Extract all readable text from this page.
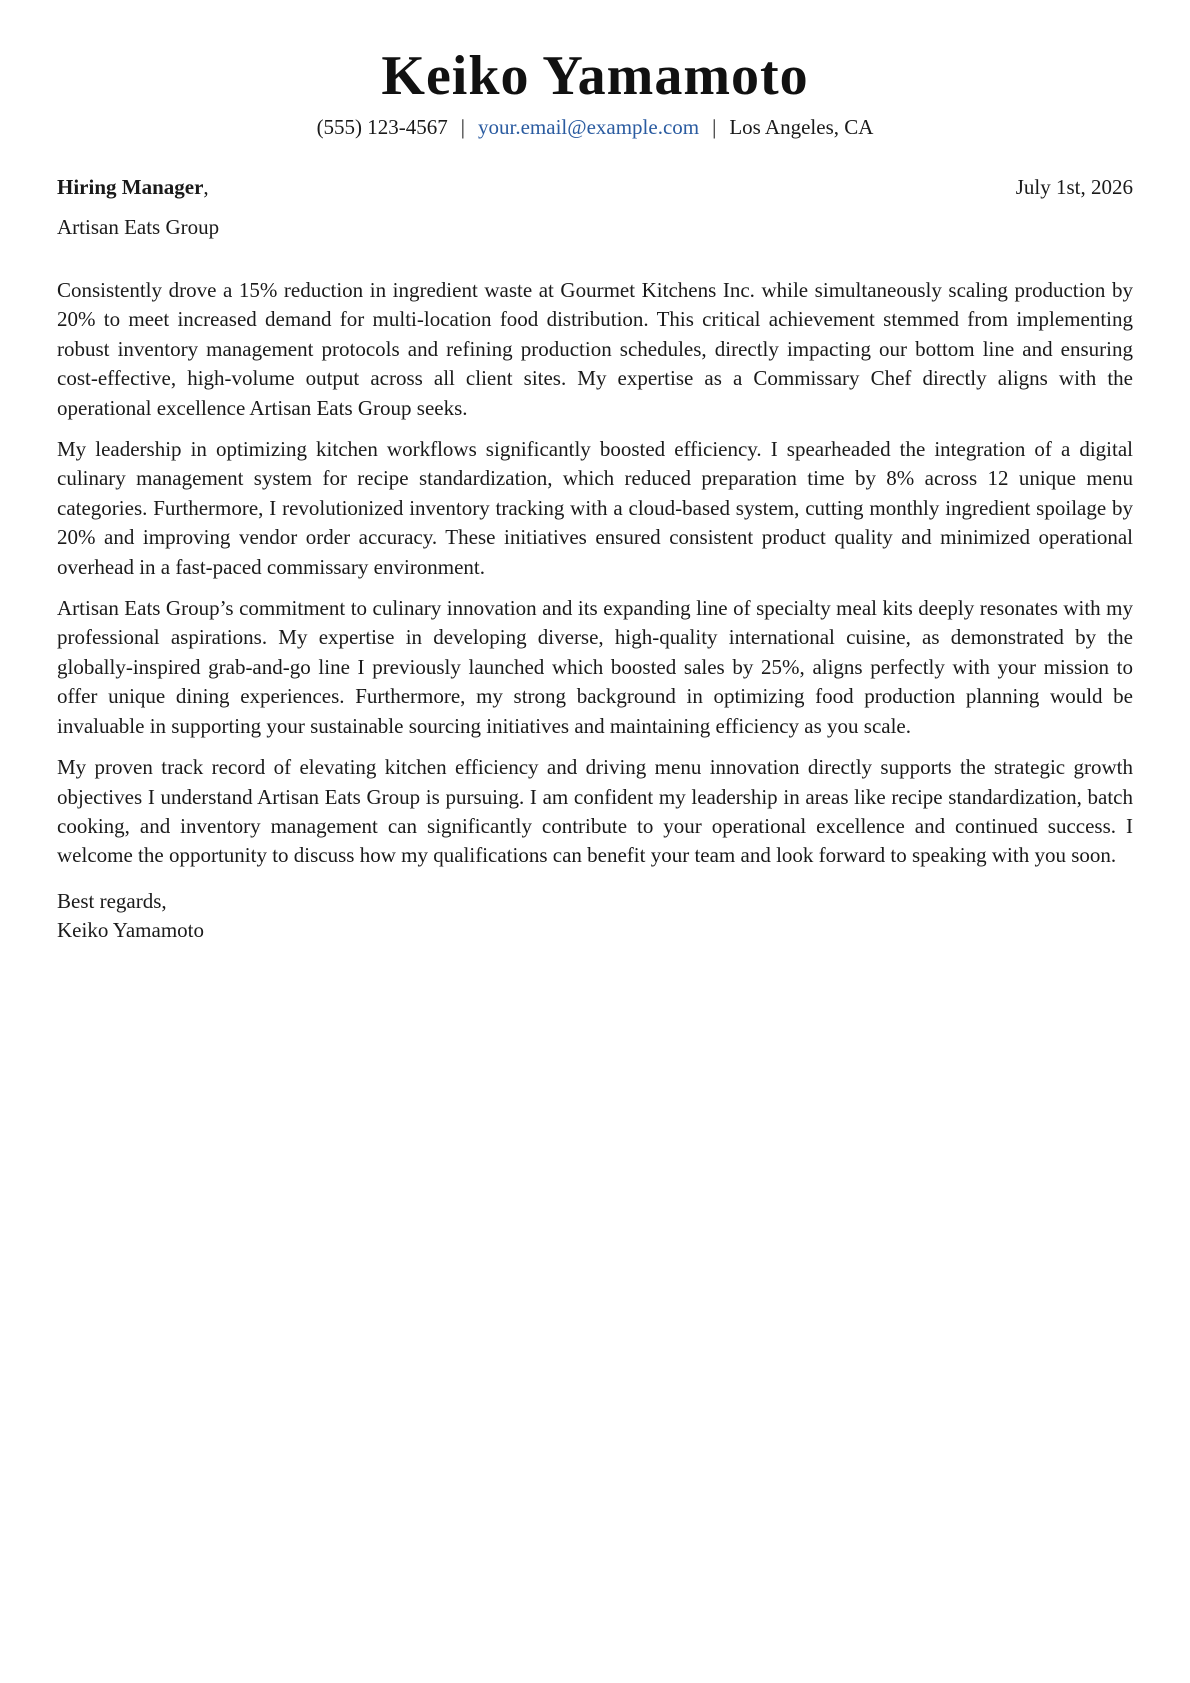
Keiko Yamamoto
(555) 123-4567 | your.email@example.com | Los Angeles, CA
Hiring Manager,	July 1st, 2026
Artisan Eats Group

Consistently drove a 15% reduction in ingredient waste at Gourmet Kitchens Inc. while simultaneously scaling production by 20% to meet increased demand for multi-location food distribution. This critical achievement stemmed from implementing robust inventory management protocols and refining production schedules, directly impacting our bottom line and ensuring cost-effective, high-volume output across all client sites. My expertise as a Commissary Chef directly aligns with the operational excellence Artisan Eats Group seeks.

My leadership in optimizing kitchen workflows significantly boosted efficiency. I spearheaded the integration of a digital culinary management system for recipe standardization, which reduced preparation time by 8% across 12 unique menu categories. Furthermore, I revolutionized inventory tracking with a cloud-based system, cutting monthly ingredient spoilage by 20% and improving vendor order accuracy. These initiatives ensured consistent product quality and minimized operational overhead in a fast-paced commissary environment.

Artisan Eats Group’s commitment to culinary innovation and its expanding line of specialty meal kits deeply resonates with my professional aspirations. My expertise in developing diverse, high-quality international cuisine, as demonstrated by the globally-inspired grab-and-go line I previously launched which boosted sales by 25%, aligns perfectly with your mission to offer unique dining experiences. Furthermore, my strong background in optimizing food production planning would be invaluable in supporting your sustainable sourcing initiatives and maintaining efficiency as you scale.

My proven track record of elevating kitchen efficiency and driving menu innovation directly supports the strategic growth objectives I understand Artisan Eats Group is pursuing. I am confident my leadership in areas like recipe standardization, batch cooking, and inventory management can significantly contribute to your operational excellence and continued success. I welcome the opportunity to discuss how my qualifications can benefit your team and look forward to speaking with you soon.

Best regards,
Keiko Yamamoto
